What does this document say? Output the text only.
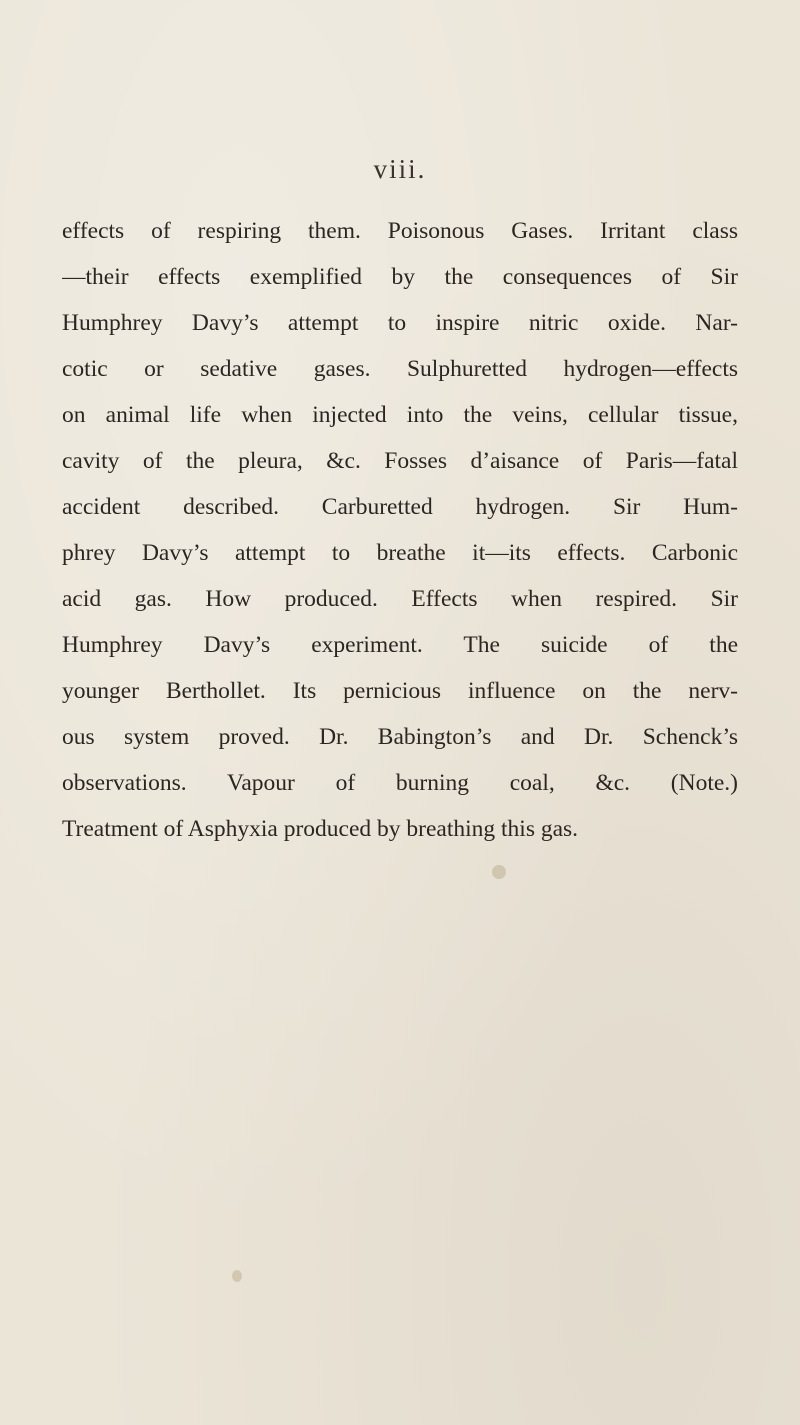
viii.
effects of respiring them. Poisonous Gases. Irritant class
—their effects exemplified by the consequences of Sir
Humphrey Davy’s attempt to inspire nitric oxide. Nar-
cotic or sedative gases. Sulphuretted hydrogen—effects
on animal life when injected into the veins, cellular tissue,
cavity of the pleura, &c. Fosses d’aisance of Paris—fatal
accident described. Carburetted hydrogen. Sir Hum-
phrey Davy’s attempt to breathe it—its effects. Carbonic
acid gas. How produced. Effects when respired. Sir
Humphrey Davy’s experiment. The suicide of the
younger Berthollet. Its pernicious influence on the nerv-
ous system proved. Dr. Babington’s and Dr. Schenck’s
observations. Vapour of burning coal, &c. (Note.)
Treatment of Asphyxia produced by breathing this gas.
